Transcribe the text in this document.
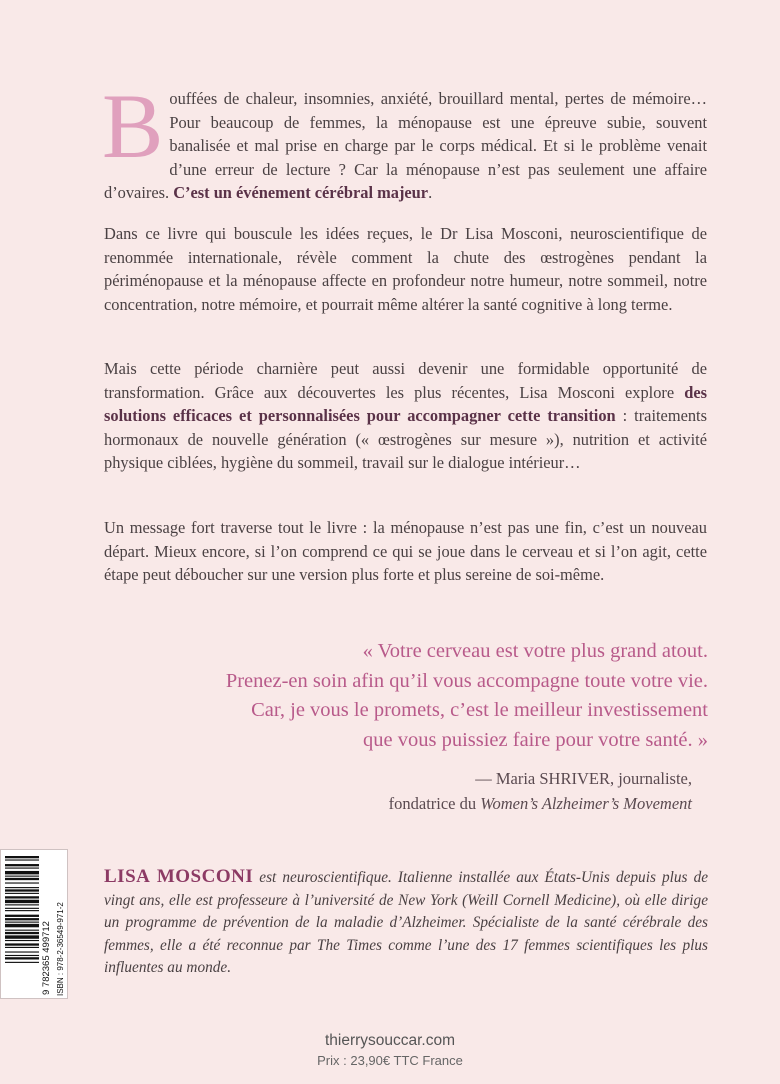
Bouffées de chaleur, insomnies, anxiété, brouillard mental, pertes de mémoire… Pour beaucoup de femmes, la ménopause est une épreuve subie, souvent banalisée et mal prise en charge par le corps médical. Et si le problème venait d’une erreur de lecture ? Car la ménopause n’est pas seulement une affaire d’ovaires. C’est un événement cérébral majeur.

Dans ce livre qui bouscule les idées reçues, le Dr Lisa Mosconi, neuroscientifique de renommée internationale, révèle comment la chute des œstrogènes pendant la périménopause et la ménopause affecte en profondeur notre humeur, notre sommeil, notre concentration, notre mémoire, et pourrait même altérer la santé cognitive à long terme.

Mais cette période charnière peut aussi devenir une formidable opportunité de transformation. Grâce aux découvertes les plus récentes, Lisa Mosconi explore des solutions efficaces et personnalisées pour accompagner cette transition : traitements hormonaux de nouvelle génération (« œstrogènes sur mesure »), nutrition et activité physique ciblées, hygiène du sommeil, travail sur le dialogue intérieur…

Un message fort traverse tout le livre : la ménopause n’est pas une fin, c’est un nouveau départ. Mieux encore, si l’on comprend ce qui se joue dans le cerveau et si l’on agit, cette étape peut déboucher sur une version plus forte et plus sereine de soi-même.

« Votre cerveau est votre plus grand atout.
Prenez-en soin afin qu’il vous accompagne toute votre vie.
Car, je vous le promets, c’est le meilleur investissement
que vous puissiez faire pour votre santé. »
— Maria SHRIVER, journaliste,
fondatrice du Women’s Alzheimer’s Movement
9 782365 499712 ISBN : 978-2-36549-971-2

LISA MOSCONI est neuroscientifique. Italienne installée aux États-Unis depuis plus de vingt ans, elle est professeure à l’université de New York (Weill Cornell Medicine), où elle dirige un programme de prévention de la maladie d’Alzheimer. Spécialiste de la santé cérébrale des femmes, elle a été reconnue par The Times comme l’une des 17 femmes scientifiques les plus influentes au monde.

thierrysouccar.com

Prix : 23,90€ TTC France
